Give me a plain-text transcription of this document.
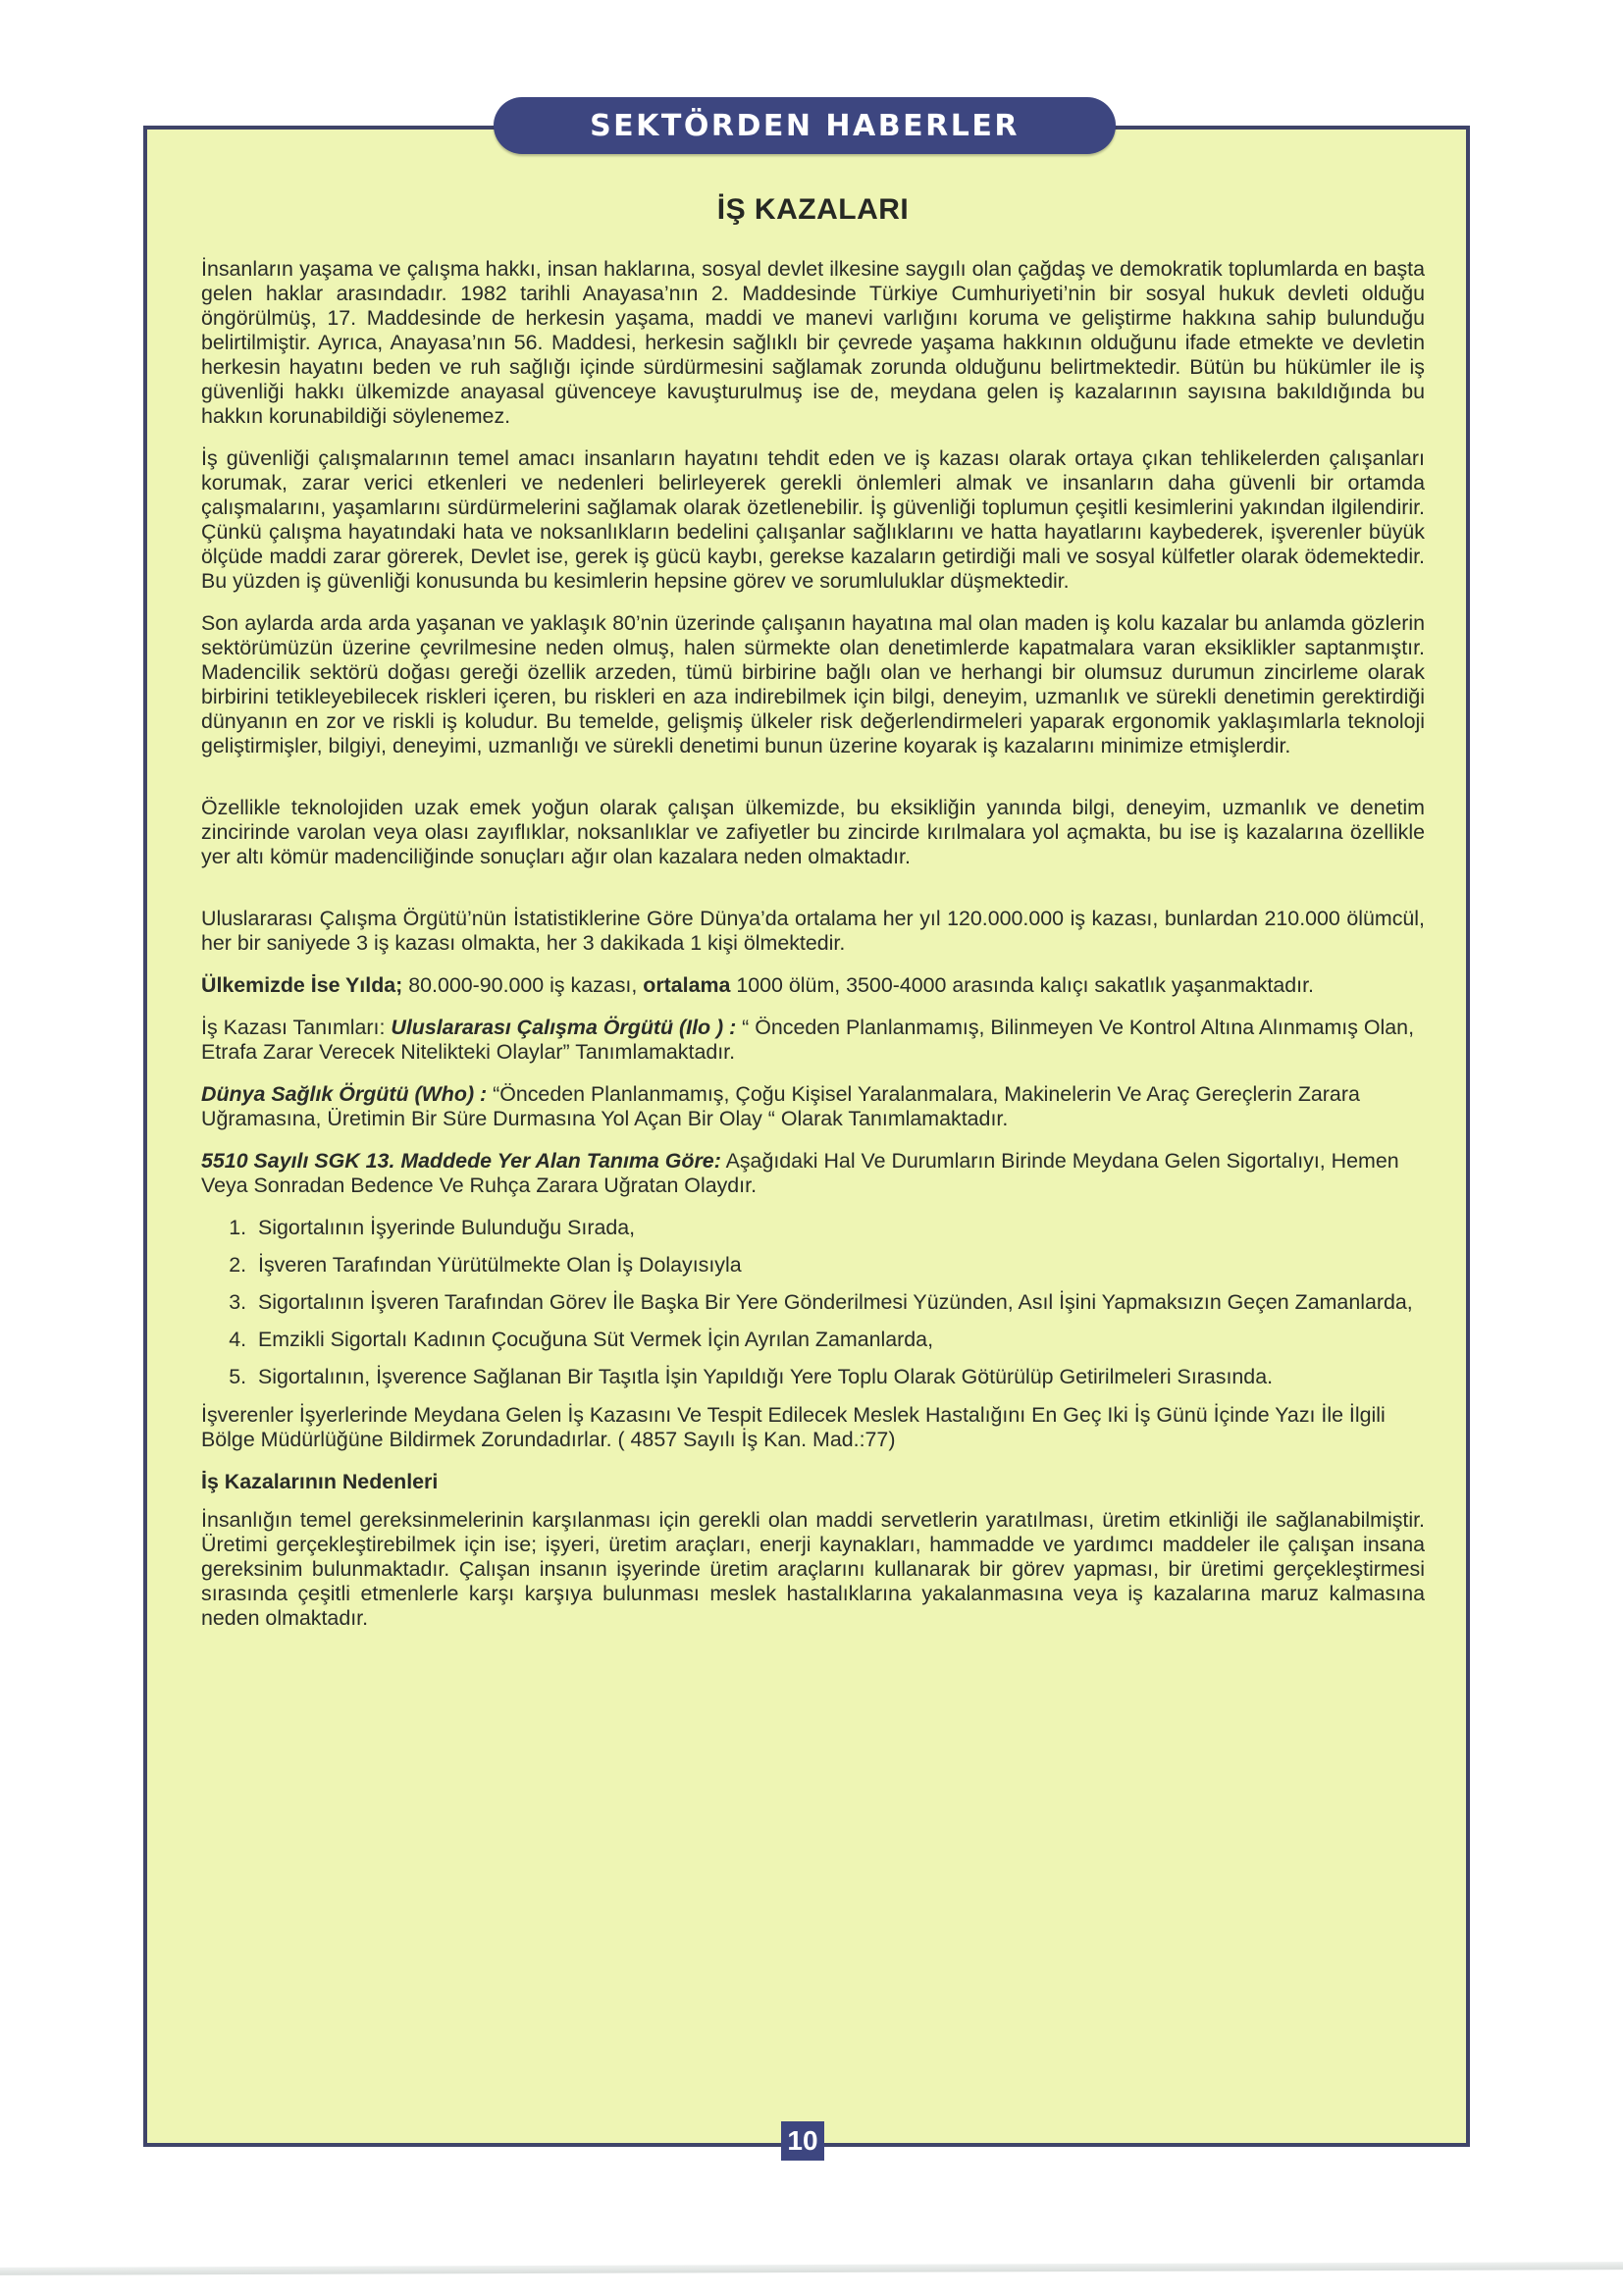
SEKTÖRDEN HABERLER
İŞ KAZALARI

İnsanların yaşama ve çalışma hakkı, insan haklarına, sosyal devlet ilkesine saygılı olan çağdaş ve demokratik toplumlarda en başta gelen haklar arasındadır. 1982 tarihli Anayasa’nın 2. Maddesinde Türkiye Cumhuriyeti’nin bir sosyal hukuk devleti olduğu öngörülmüş, 17. Maddesinde de herkesin yaşama, maddi ve manevi varlığını koruma ve geliştirme hakkına sahip bulunduğu belirtilmiştir. Ayrıca, Anayasa’nın 56. Maddesi, herkesin sağlıklı bir çevrede yaşama hakkının olduğunu ifade etmekte ve devletin herkesin hayatını beden ve ruh sağlığı içinde sürdürmesini sağlamak zorunda olduğunu belirtmektedir. Bütün bu hükümler ile iş güvenliği hakkı ülkemizde anayasal güvenceye kavuşturulmuş ise de, meydana gelen iş kazalarının sayısına bakıldığında bu hakkın korunabildiği söylenemez.

İş güvenliği çalışmalarının temel amacı insanların hayatını tehdit eden ve iş kazası olarak ortaya çıkan tehlikelerden çalışanları korumak, zarar verici etkenleri ve nedenleri belirleyerek gerekli önlemleri almak ve insanların daha güvenli bir ortamda çalışmalarını, yaşamlarını sürdürmelerini sağlamak olarak özetlenebilir. İş güvenliği toplumun çeşitli kesimlerini yakından ilgilendirir. Çünkü çalışma hayatındaki hata ve noksanlıkların bedelini çalışanlar sağlıklarını ve hatta hayatlarını kaybederek, işverenler büyük ölçüde maddi zarar görerek, Devlet ise, gerek iş gücü kaybı, gerekse kazaların getirdiği mali ve sosyal külfetler olarak ödemektedir. Bu yüzden iş güvenliği konusunda bu kesimlerin hepsine görev ve sorumluluklar düşmektedir.

Son aylarda arda arda yaşanan ve yaklaşık 80’nin üzerinde çalışanın hayatına mal olan maden iş kolu kazalar bu anlamda gözlerin sektörümüzün üzerine çevrilmesine neden olmuş, halen sürmekte olan denetimlerde kapatmalara varan eksiklikler saptanmıştır. Madencilik sektörü doğası gereği özellik arzeden, tümü birbirine bağlı olan ve herhangi bir olumsuz durumun zincirleme olarak birbirini tetikleyebilecek riskleri içeren, bu riskleri en aza indirebilmek için bilgi, deneyim, uzmanlık ve sürekli denetimin gerektirdiği dünyanın en zor ve riskli iş koludur. Bu temelde, gelişmiş ülkeler risk değerlendirmeleri yaparak ergonomik yaklaşımlarla teknoloji geliştirmişler, bilgiyi, deneyimi, uzmanlığı ve sürekli denetimi bunun üzerine koyarak iş kazalarını minimize etmişlerdir.

Özellikle teknolojiden uzak emek yoğun olarak çalışan ülkemizde, bu eksikliğin yanında bilgi, deneyim, uzmanlık ve denetim zincirinde varolan veya olası zayıflıklar, noksanlıklar ve zafiyetler bu zincirde kırılmalara yol açmakta, bu ise iş kazalarına özellikle yer altı kömür madenciliğinde sonuçları ağır olan kazalara neden olmaktadır.

Uluslararası Çalışma Örgütü’nün İstatistiklerine Göre Dünya’da ortalama her yıl 120.000.000 iş kazası, bunlardan 210.000 ölümcül, her bir saniyede 3 iş kazası olmakta, her 3 dakikada 1 kişi ölmektedir.

Ülkemizde İse Yılda; 80.000-90.000 iş kazası, ortalama 1000 ölüm, 3500-4000 arasında kalıçı sakatlık yaşanmaktadır.

İş Kazası Tanımları: Uluslararası Çalışma Örgütü (Ilo ) : “ Önceden Planlanmamış, Bilinmeyen Ve Kontrol Altına Alınmamış Olan, Etrafa Zarar Verecek Nitelikteki Olaylar” Tanımlamaktadır.

Dünya Sağlık Örgütü (Who) : “Önceden Planlanmamış, Çoğu Kişisel Yaralanmalara, Makinelerin Ve Araç Gereçlerin Zarara Uğramasına, Üretimin Bir Süre Durmasına Yol Açan Bir Olay “ Olarak Tanımlamaktadır.

5510 Sayılı SGK 13. Maddede Yer Alan Tanıma Göre: Aşağıdaki Hal Ve Durumların Birinde Meydana Gelen Sigortalıyı, Hemen Veya Sonradan Bedence Ve Ruhça Zarara Uğratan Olaydır.

1. Sigortalının İşyerinde Bulunduğu Sırada,
2. İşveren Tarafından Yürütülmekte Olan İş Dolayısıyla
3. Sigortalının İşveren Tarafından Görev İle Başka Bir Yere Gönderilmesi Yüzünden, Asıl İşini Yapmaksızın Geçen Zamanlarda,
4. Emzikli Sigortalı Kadının Çocuğuna Süt Vermek İçin Ayrılan Zamanlarda,
5. Sigortalının, İşverence Sağlanan Bir Taşıtla İşin Yapıldığı Yere Toplu Olarak Götürülüp Getirilmeleri Sırasında.

İşverenler İşyerlerinde Meydana Gelen İş Kazasını Ve Tespit Edilecek Meslek Hastalığını En Geç Iki İş Günü İçinde Yazı İle İlgili Bölge Müdürlüğüne Bildirmek Zorundadırlar. ( 4857 Sayılı İş Kan. Mad.:77)

İş Kazalarının Nedenleri

İnsanlığın temel gereksinmelerinin karşılanması için gerekli olan maddi servetlerin yaratılması, üretim etkinliği ile sağlanabilmiştir. Üretimi gerçekleştirebilmek için ise; işyeri, üretim araçları, enerji kaynakları, hammadde ve yardımcı maddeler ile çalışan insana gereksinim bulunmaktadır. Çalışan insanın işyerinde üretim araçlarını kullanarak bir görev yapması, bir üretimi gerçekleştirmesi sırasında çeşitli etmenlerle karşı karşıya bulunması meslek hastalıklarına yakalanmasına veya iş kazalarına maruz kalmasına neden olmaktadır.

10
